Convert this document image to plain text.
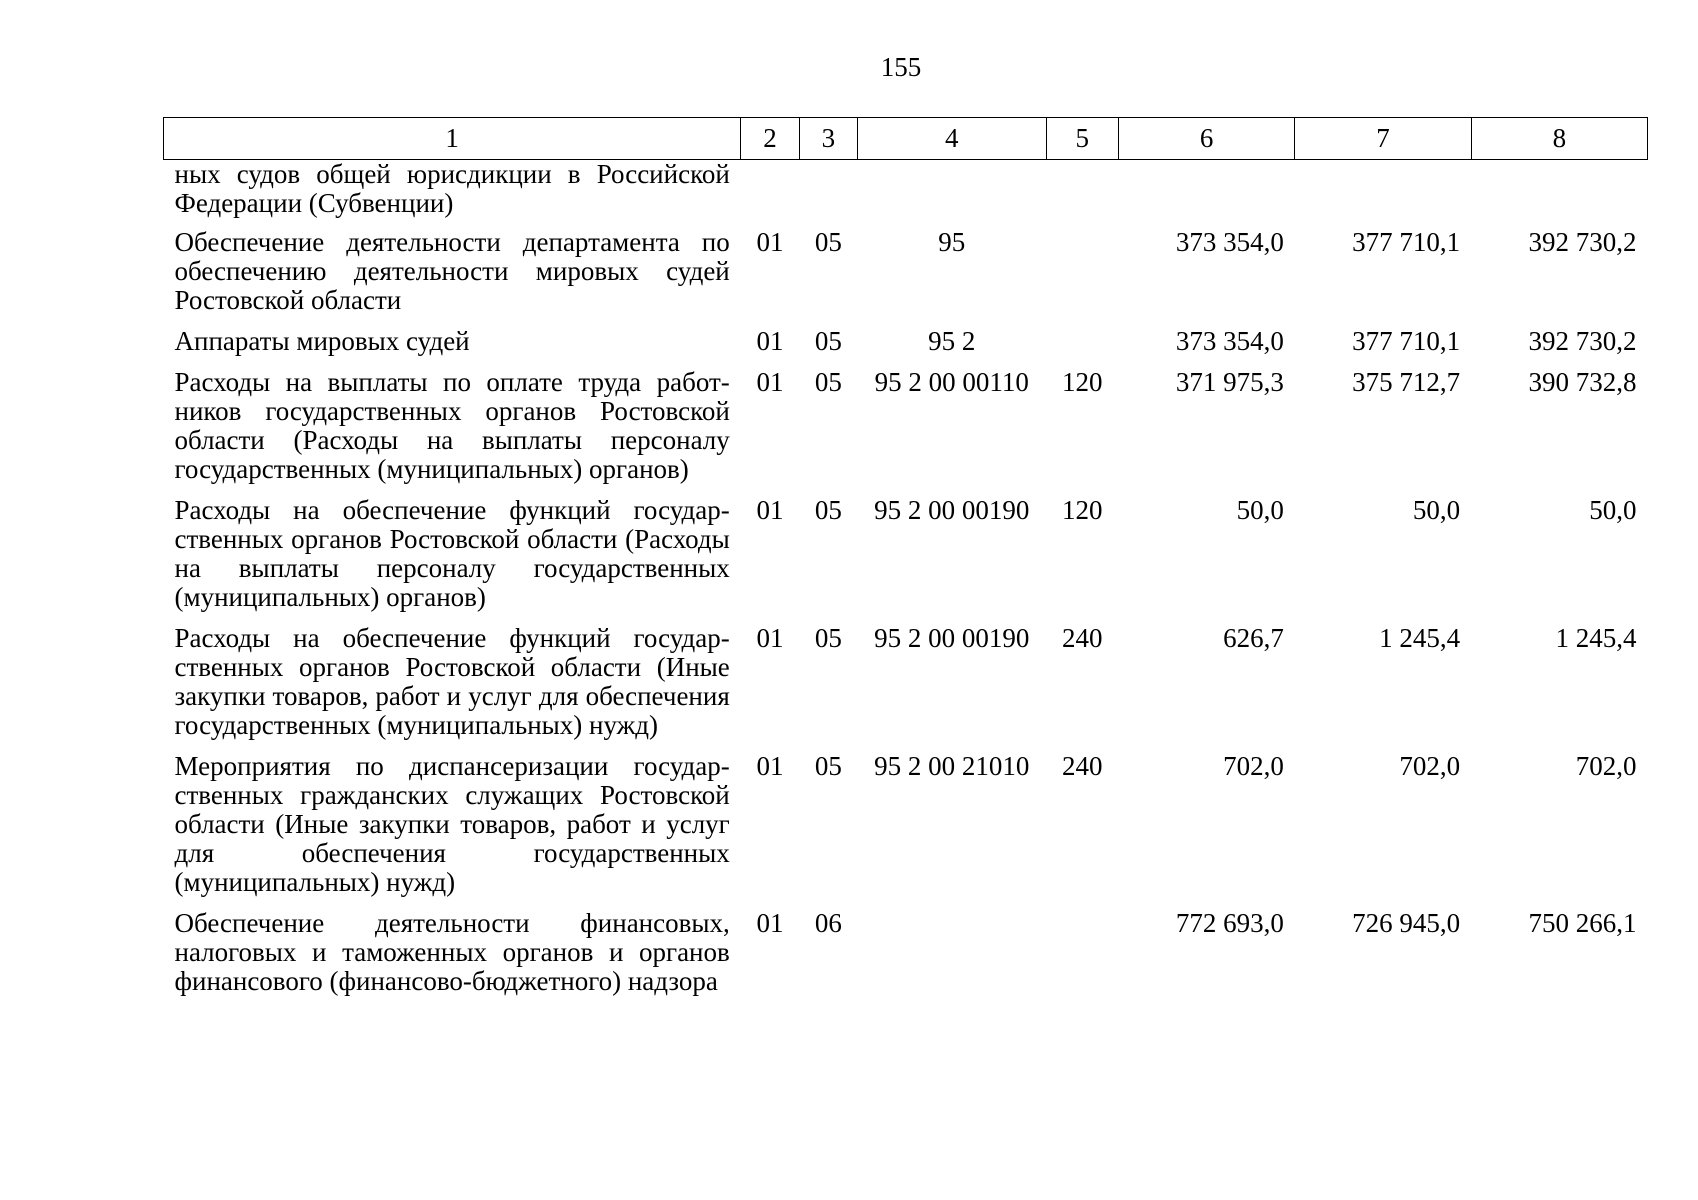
155
1	2	3	4	5	6	7	8
ных судов общей юрисдикции в Российской Федерации (Субвенции)							
Обеспечение деятельности департамента по обеспечению деятельности мировых судей Ростовской области	01	05	95		373 354,0	377 710,1	392 730,2
Аппараты мировых судей	01	05	95 2		373 354,0	377 710,1	392 730,2
Расходы на выплаты по оплате труда работников государственных органов Ростовской области (Расходы на выплаты персоналу государственных (муниципальных) органов)	01	05	95 2 00 00110	120	371 975,3	375 712,7	390 732,8
Расходы на обеспечение функций государственных органов Ростовской области (Расходы на выплаты персоналу государственных (муниципальных) органов)	01	05	95 2 00 00190	120	50,0	50,0	50,0
Расходы на обеспечение функций государственных органов Ростовской области (Иные закупки товаров, работ и услуг для обеспечения государственных (муниципальных) нужд)	01	05	95 2 00 00190	240	626,7	1 245,4	1 245,4
Мероприятия по диспансеризации государственных гражданских служащих Ростовской области (Иные закупки товаров, работ и услуг для обеспечения государственных (муниципальных) нужд)	01	05	95 2 00 21010	240	702,0	702,0	702,0
Обеспечение деятельности финансовых, налоговых и таможенных органов и органов финансового (финансово-бюджетного) надзора	01	06			772 693,0	726 945,0	750 266,1
